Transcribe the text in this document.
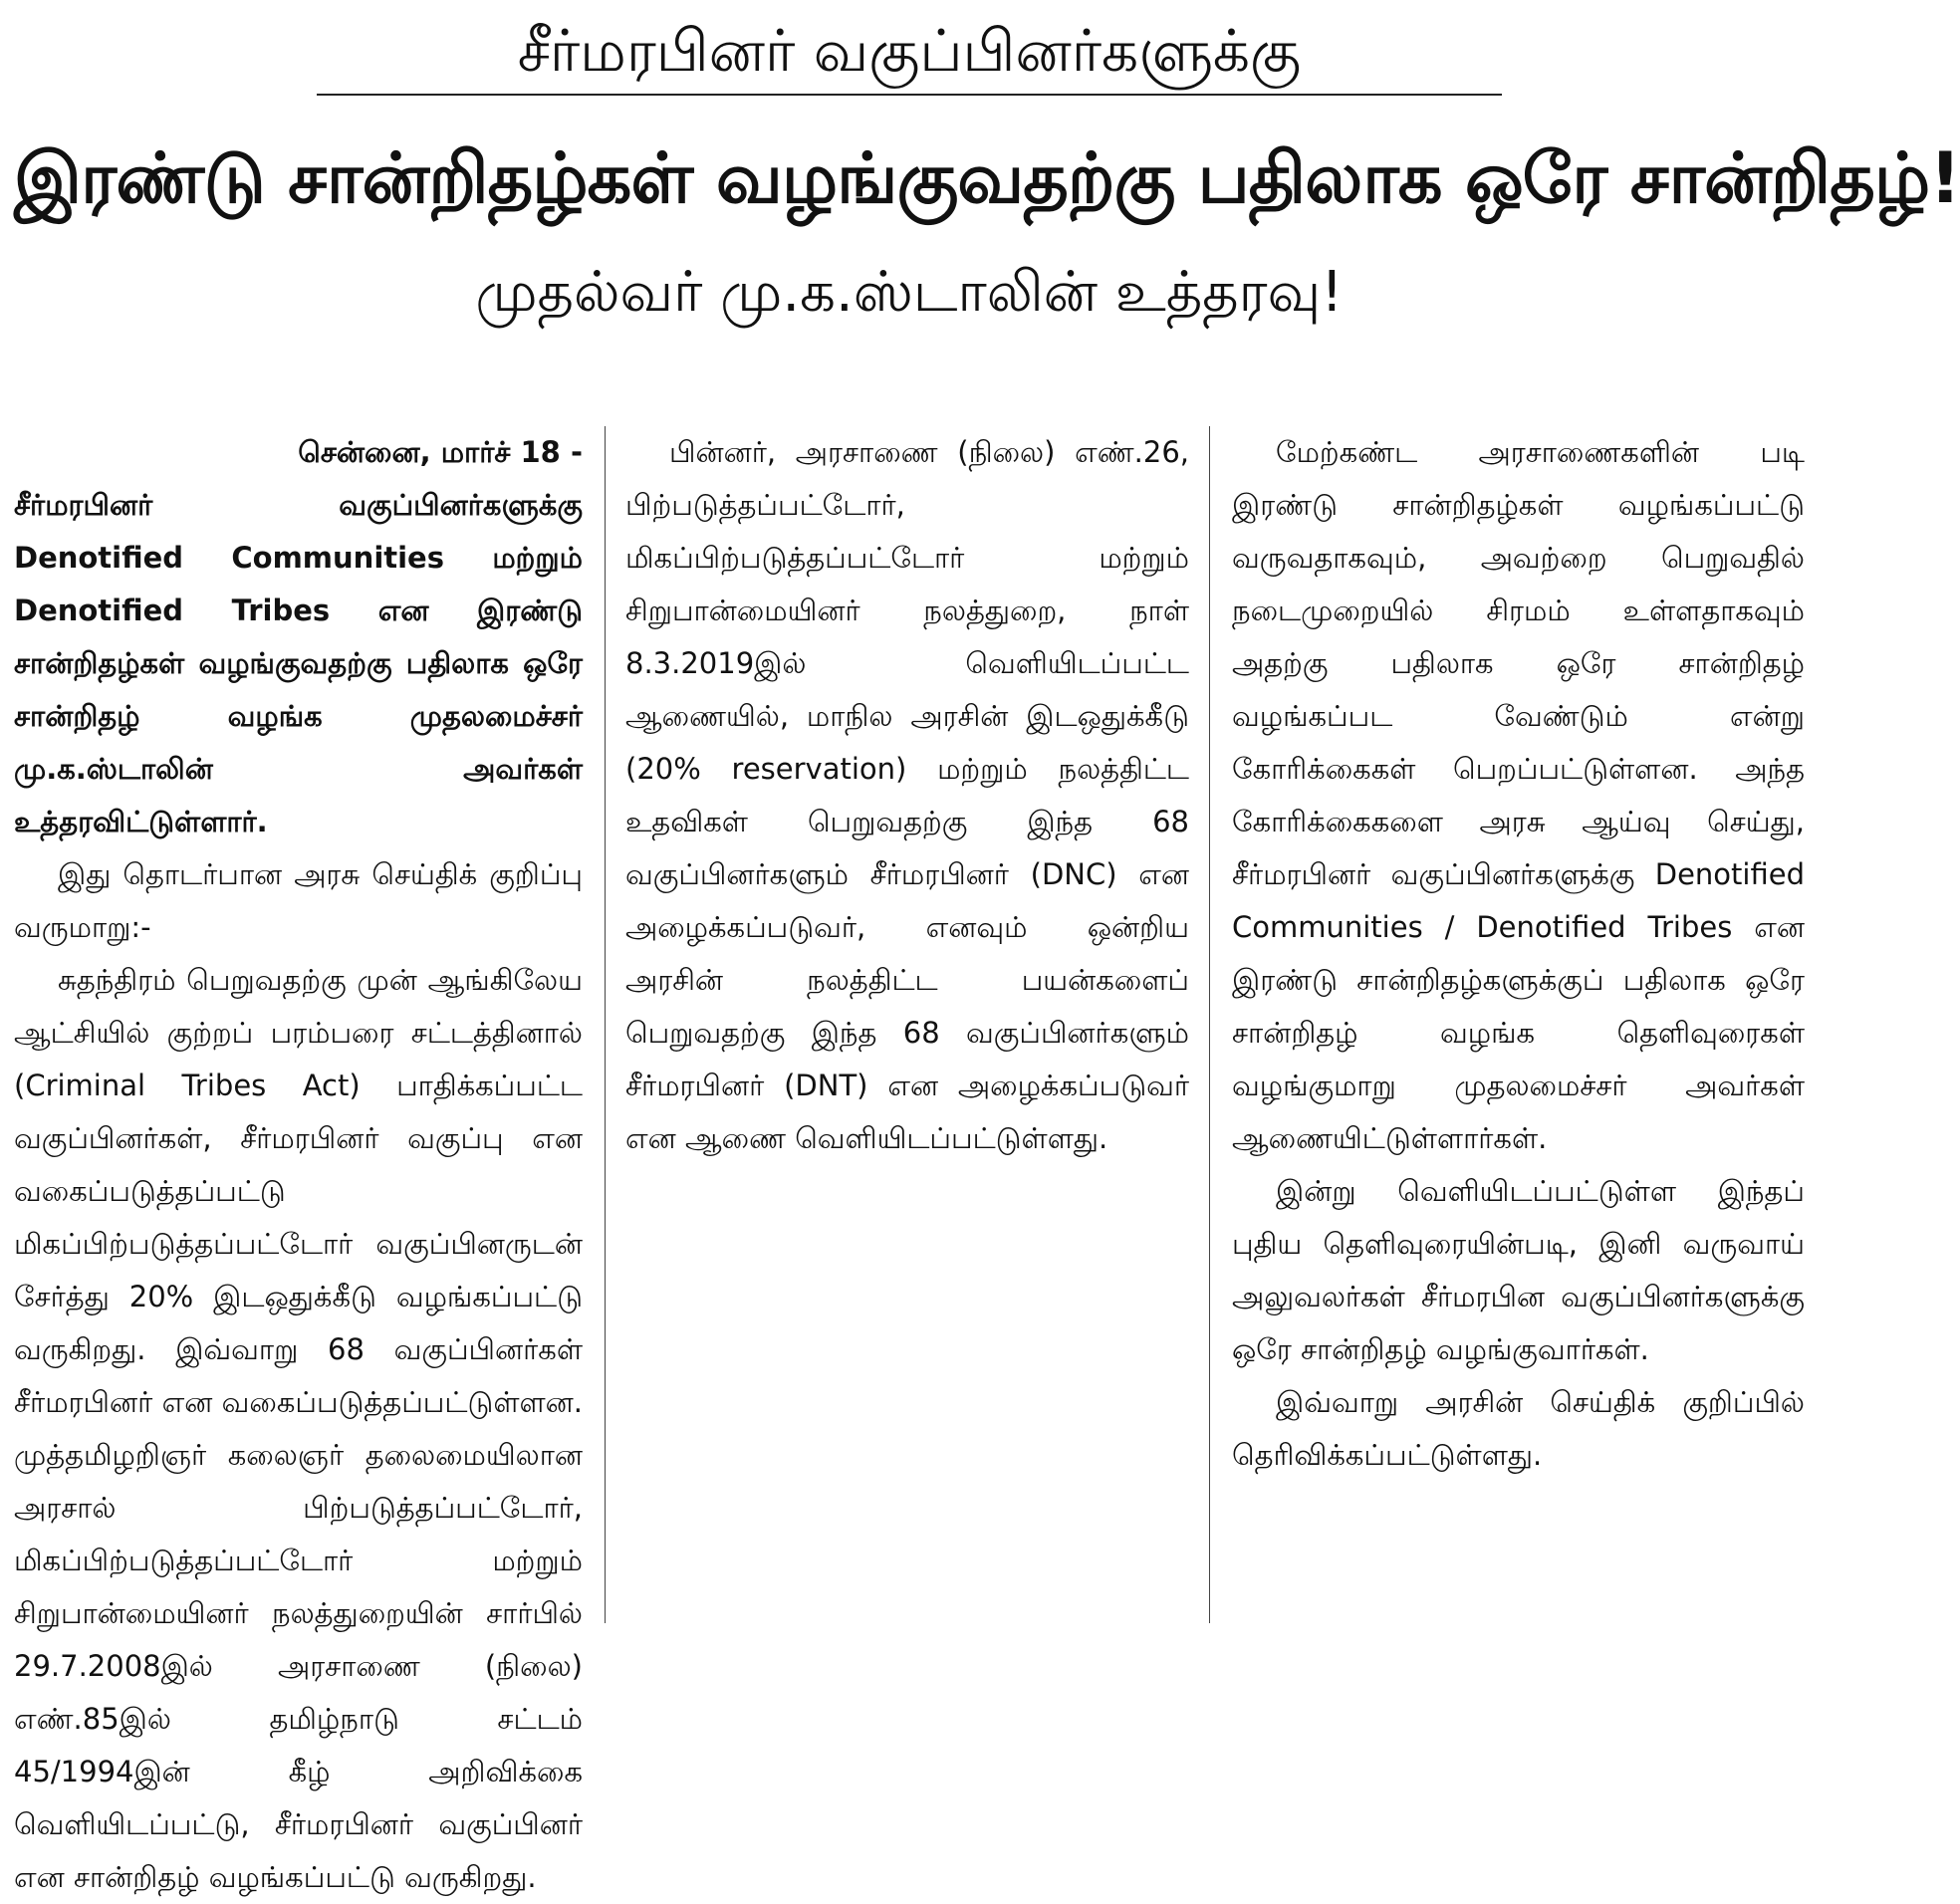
சீர்மரபினர் வகுப்பினர்களுக்கு
இரண்டு சான்றிதழ்கள் வழங்குவதற்கு பதிலாக ஒரே சான்றிதழ்!
முதல்வர் மு.க.ஸ்டாலின் உத்தரவு!
சென்னை, மார்ச் 18 -

சீர்மரபினர் வகுப்பினர்களுக்கு Denotified Communities மற்றும் Denotified Tribes என இரண்டு சான்றிதழ்கள் வழங்குவதற்கு பதிலாக ஒரே சான்றிதழ் வழங்க முதலமைச்சர் மு.க.ஸ்டாலின் அவர்கள் உத்தரவிட்டுள்ளார்.

இது தொடர்பான அரசு செய்திக் குறிப்பு வருமாறு:-

சுதந்திரம் பெறுவதற்கு முன் ஆங்கிலேய ஆட்சியில் குற்றப் பரம்பரை சட்டத்தினால் (Criminal Tribes Act) பாதிக்கப்பட்ட வகுப்பினர்கள், சீர்மரபினர் வகுப்பு என வகைப்படுத்தப்பட்டு மிகப்பிற்படுத்தப்பட்டோர் வகுப்பினருடன் சேர்த்து 20% இடஒதுக்கீடு வழங்கப்பட்டு வருகிறது. இவ்வாறு 68 வகுப்பினர்கள் சீர்மரபினர் என வகைப்படுத்தப்பட்டுள்ளன. முத்தமிழறிஞர் கலைஞர் தலைமையிலான அரசால் பிற்படுத்தப்பட்டோர், மிகப்பிற்படுத்தப்பட்டோர் மற்றும் சிறுபான்மையினர் நலத்துறையின் சார்பில் 29.7.2008இல் அரசாணை (நிலை) எண்.85இல் தமிழ்நாடு சட்டம் 45/1994இன் கீழ் அறிவிக்கை வெளியிடப்பட்டு, சீர்மரபினர் வகுப்பினர் என சான்றிதழ் வழங்கப்பட்டு வருகிறது.

பின்னர், அரசாணை (நிலை) எண்.26, பிற்படுத்தப்பட்டோர், மிகப்பிற்படுத்தப்பட்டோர் மற்றும் சிறுபான்மையினர் நலத்துறை, நாள் 8.3.2019இல் வெளியிடப்பட்ட ஆணையில், மாநில அரசின் இடஒதுக்கீடு (20% reservation) மற்றும் நலத்திட்ட உதவிகள் பெறுவதற்கு இந்த 68 வகுப்பினர்களும் சீர்மரபினர் (DNC) என அழைக்கப்படுவர், எனவும் ஒன்றிய அரசின் நலத்திட்ட பயன்களைப் பெறுவதற்கு இந்த 68 வகுப்பினர்களும் சீர்மரபினர் (DNT) என அழைக்கப்படுவர் என ஆணை வெளியிடப்பட்டுள்ளது.

மேற்கண்ட அரசாணைகளின் படி இரண்டு சான்றிதழ்கள் வழங்கப்பட்டு வருவதாகவும், அவற்றை பெறுவதில் நடைமுறையில் சிரமம் உள்ளதாகவும் அதற்கு பதிலாக ஒரே சான்றிதழ் வழங்கப்பட வேண்டும் என்று கோரிக்கைகள் பெறப்பட்டுள்ளன. அந்த கோரிக்கைகளை அரசு ஆய்வு செய்து, சீர்மரபினர் வகுப்பினர்களுக்கு Denotified Communities / Denotified Tribes என இரண்டு சான்றிதழ்களுக்குப் பதிலாக ஒரே சான்றிதழ் வழங்க தெளிவுரைகள் வழங்குமாறு முதலமைச்சர் அவர்கள் ஆணையிட்டுள்ளார்கள்.

இன்று வெளியிடப்பட்டுள்ள இந்தப் புதிய தெளிவுரையின்படி, இனி வருவாய் அலுவலர்கள் சீர்மரபின வகுப்பினர்களுக்கு ஒரே சான்றிதழ் வழங்குவார்கள்.

இவ்வாறு அரசின் செய்திக் குறிப்பில் தெரிவிக்கப்பட்டுள்ளது.
